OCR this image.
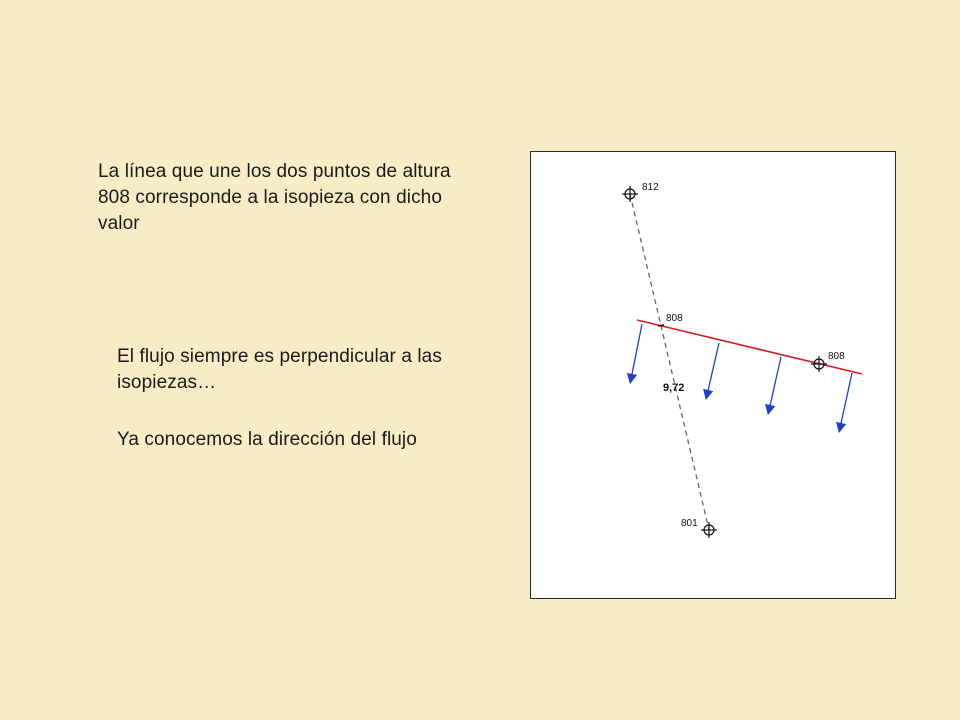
La línea que une los dos puntos de altura 808 corresponde a la isopieza con dicho valor
El flujo siempre es perpendicular a las isopiezas…
Ya conocemos la dirección del flujo
812
808
808
9,72
801
